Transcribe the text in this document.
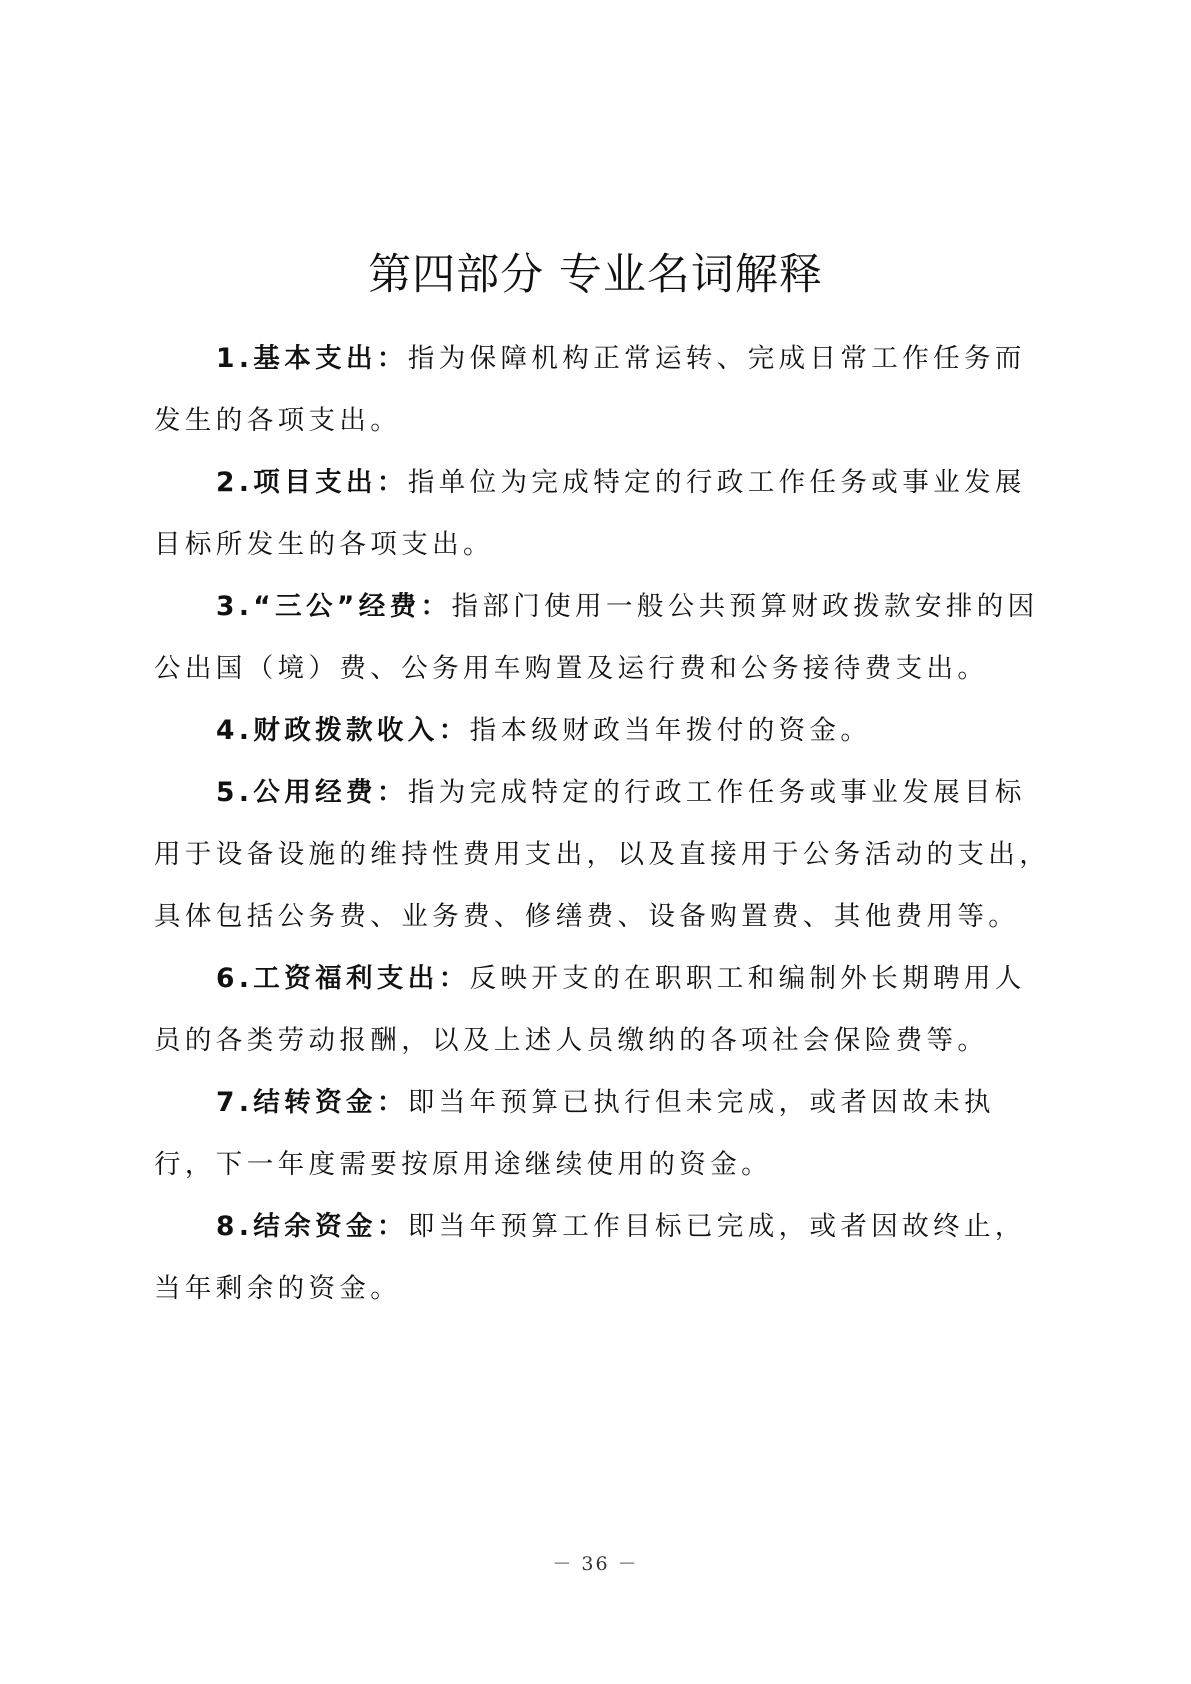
第四部分 专业名词解释

1.基本支出：指为保障机构正常运转、完成日常工作任务而发生的各项支出。

2.项目支出：指单位为完成特定的行政工作任务或事业发展目标所发生的各项支出。

3.“三公”经费：指部门使用一般公共预算财政拨款安排的因公出国（境）费、公务用车购置及运行费和公务接待费支出。

4.财政拨款收入：指本级财政当年拨付的资金。

5.公用经费：指为完成特定的行政工作任务或事业发展目标用于设备设施的维持性费用支出，以及直接用于公务活动的支出，具体包括公务费、业务费、修缮费、设备购置费、其他费用等。

6.工资福利支出：反映开支的在职职工和编制外长期聘用人员的各类劳动报酬，以及上述人员缴纳的各项社会保险费等。

7.结转资金：即当年预算已执行但未完成，或者因故未执行，下一年度需要按原用途继续使用的资金。

8.结余资金：即当年预算工作目标已完成，或者因故终止，当年剩余的资金。

－ 36 －
